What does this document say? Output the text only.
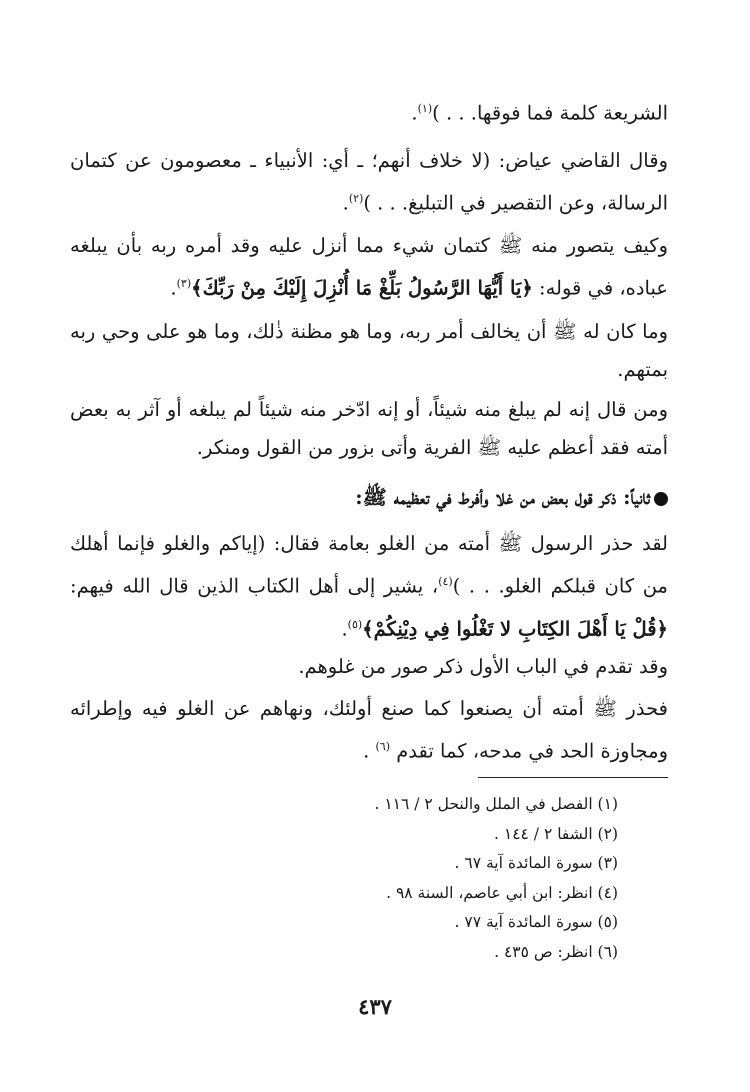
الشريعة كلمة فما فوقها. . . )$^{(١)}$.

وقال القاضي عياض: (لا خلاف أنهم؛ ـ أي: الأنبياء ـ معصومون عن كتمان الرسالة، وعن التقصير في التبليغ. . . )$^{(٢)}$.

وكيف يتصور منه ﷺ كتمان شيء مما أنزل عليه وقد أمره ربه بأن يبلغه عباده، في قوله: ﴿يَا أَيُّهَا الرَّسُولُ بَلِّغْ مَا أُنْزِلَ إِلَيْكَ مِنْ رَبِّكَ﴾$^{(٣)}$.

وما كان له ﷺ أن يخالف أمر ربه، وما هو مظنة ذٰلك، وما هو على وحي ربه بمتهم.

ومن قال إنه لم يبلغ منه شيئاً، أو إنه ادّخر منه شيئاً لم يبلغه أو آثر به بعض أمته فقد أعظم عليه ﷺ الفرية وأتى بزور من القول ومنكر.

ثانياً: ذكر قول بعض من غلا وأفرط في تعظيمه ﷺ:

لقد حذر الرسول ﷺ أمته من الغلو بعامة فقال: (إياكم والغلو فإنما أهلك من كان قبلكم الغلو. . . )$^{(٤)}$، يشير إلى أهل الكتاب الذين قال الله فيهم: ﴿قُلْ يَا أَهْلَ الكِتَابِ لا تَغْلُوا فِي دِيْنِكُمْ﴾$^{(٥)}$.

وقد تقدم في الباب الأول ذكر صور من غلوهم.

فحذر ﷺ أمته أن يصنعوا كما صنع أولئك، ونهاهم عن الغلو فيه وإطرائه ومجاوزة الحد في مدحه، كما تقدم $^{(٦)}$ .

(١) الفصل في الملل والنحل ٢ / ١١٦ .
(٢) الشفا ٢ / ١٤٤ .
(٣) سورة المائدة آية ٦٧ .
(٤) انظر: ابن أبي عاصم، السنة ٩٨ .
(٥) سورة المائدة آية ٧٧ .
(٦) انظر: ص ٤٣٥ .
٤٣٧
